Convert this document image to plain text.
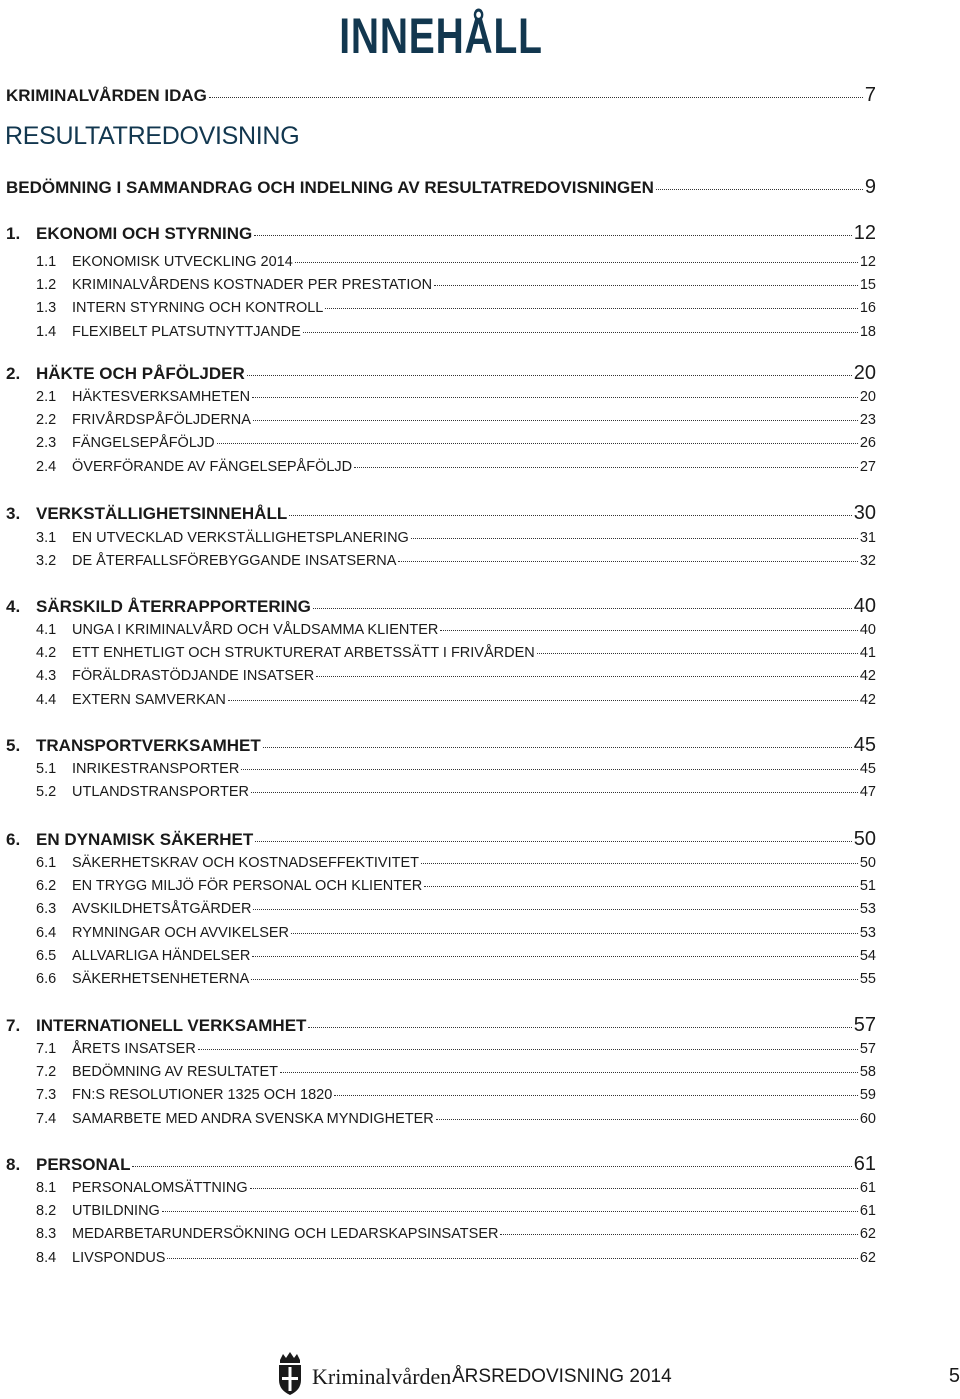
INNEHÅLL
KRIMINALVÅRDEN IDAG	7
RESULTATREDOVISNING
BEDÖMNING I SAMMANDRAG OCH INDELNING AV RESULTATREDOVISNINGEN	9
1. EKONOMI OCH STYRNING	12
1.1	EKONOMISK UTVECKLING 2014	12
1.2	KRIMINALVÅRDENS KOSTNADER PER PRESTATION	15
1.3	INTERN STYRNING OCH KONTROLL	16
1.4	FLEXIBELT PLATSUTNYTTJANDE	18
2. HÄKTE OCH PÅFÖLJDER	20
2.1	HÄKTESVERKSAMHETEN	20
2.2	FRIVÅRDSPÅFÖLJDERNA	23
2.3	FÄNGELSEPÅFÖLJD	26
2.4	ÖVERFÖRANDE AV FÄNGELSEPÅFÖLJD	27
3. VERKSTÄLLIGHETSINNEHÅLL	30
3.1	EN UTVECKLAD VERKSTÄLLIGHETSPLANERING	31
3.2	DE ÅTERFALLSFÖREBYGGANDE INSATSERNA	32
4. SÄRSKILD ÅTERRAPPORTERING	40
4.1	UNGA I KRIMINALVÅRD OCH VÅLDSAMMA KLIENTER	40
4.2	ETT ENHETLIGT OCH STRUKTURERAT ARBETSSÄTT I FRIVÅRDEN	41
4.3	FÖRÄLDRASTÖDJANDE INSATSER	42
4.4	EXTERN SAMVERKAN	42
5. TRANSPORTVERKSAMHET	45
5.1	INRIKESTRANSPORTER	45
5.2	UTLANDSTRANSPORTER	47
6. EN DYNAMISK SÄKERHET	50
6.1	SÄKERHETSKRAV OCH KOSTNADSEFFEKTIVITET	50
6.2	EN TRYGG MILJÖ FÖR PERSONAL OCH KLIENTER	51
6.3	AVSKILDHETSÅTGÄRDER	53
6.4	RYMNINGAR OCH AVVIKELSER	53
6.5	ALLVARLIGA HÄNDELSER	54
6.6	SÄKERHETSENHETERNA	55
7. INTERNATIONELL VERKSAMHET	57
7.1	ÅRETS INSATSER	57
7.2	BEDÖMNING AV RESULTATET	58
7.3	FN:S RESOLUTIONER 1325 OCH 1820	59
7.4	SAMARBETE MED ANDRA SVENSKA MYNDIGHETER	60
8. PERSONAL	61
8.1	PERSONALOMSÄTTNING	61
8.2	UTBILDNING	61
8.3	MEDARBETARUNDERSÖKNING OCH LEDARSKAPSINSATSER	62
8.4	LIVSPONDUS	62
Kriminalvården ÅRSREDOVISNING 2014	5
